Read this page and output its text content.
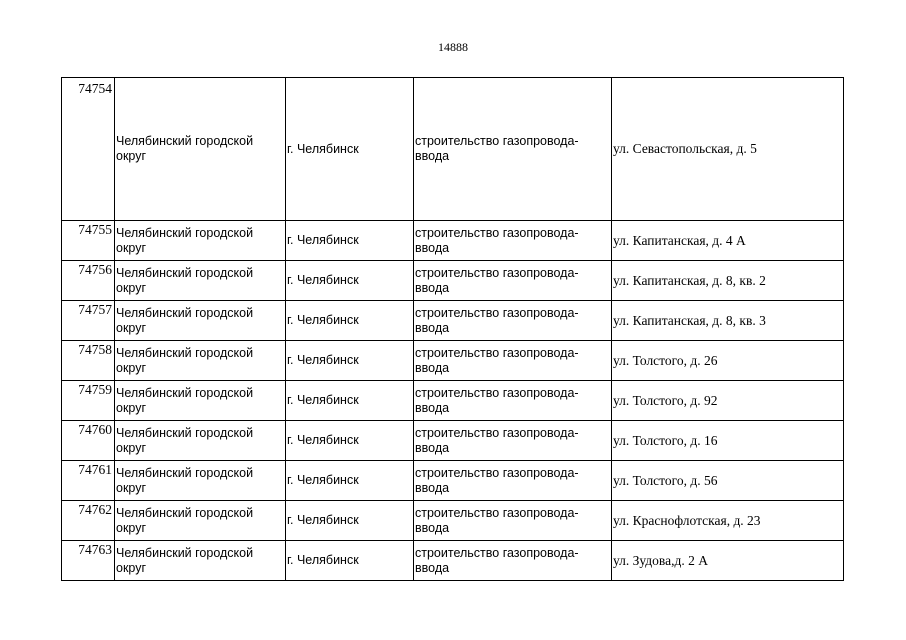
14888
74754	Челябинский городской округ	г. Челябинск	строительство газопровода-ввода	ул. Севастопольская, д. 5
74755	Челябинский городской округ	г. Челябинск	строительство газопровода-ввода	ул. Капитанская, д. 4 А
74756	Челябинский городской округ	г. Челябинск	строительство газопровода-ввода	ул. Капитанская, д. 8, кв. 2
74757	Челябинский городской округ	г. Челябинск	строительство газопровода-ввода	ул. Капитанская, д. 8, кв. 3
74758	Челябинский городской округ	г. Челябинск	строительство газопровода-ввода	ул. Толстого, д. 26
74759	Челябинский городской округ	г. Челябинск	строительство газопровода-ввода	ул. Толстого, д. 92
74760	Челябинский городской округ	г. Челябинск	строительство газопровода-ввода	ул. Толстого, д. 16
74761	Челябинский городской округ	г. Челябинск	строительство газопровода-ввода	ул. Толстого, д. 56
74762	Челябинский городской округ	г. Челябинск	строительство газопровода-ввода	ул. Краснофлотская, д. 23
74763	Челябинский городской округ	г. Челябинск	строительство газопровода-ввода	ул. Зудова,д. 2 А
